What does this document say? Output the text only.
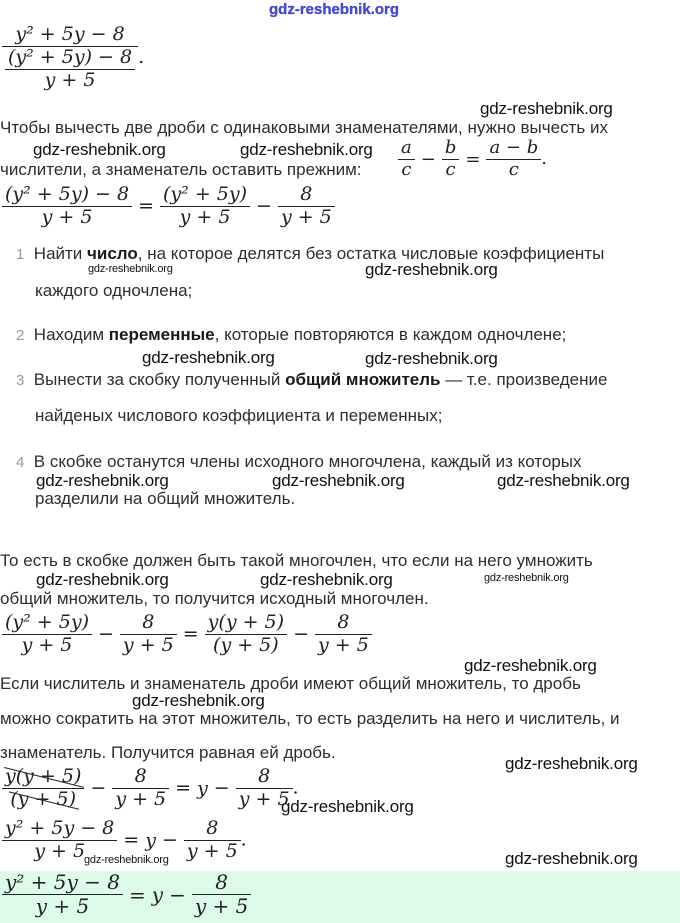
gdz-reshebnik.org
$\frac{\text{y² + 5y − 8}}{\frac{\text{(y² + 5y) − 8}}{y + 5}}$ .
Чтобы вычесть две дроби с одинаковыми знаменателями, нужно вычесть их
числители, а знаменатель оставить прежним: $\frac{a}{c} - \frac{b}{c} = \frac{a - b}{c}$ .
$\frac{\text{(y² + 5y) − 8}}{y + 5} = \frac{\text{(y² + 5y)}}{y + 5} - \frac{8}{y + 5}$
1 Найти число, на которое делятся без остатка числовые коэффициенты
каждого одночлена;
2 Находим переменные, которые повторяются в каждом одночлене;
3 Вынести за скобку полученный общий множитель — т.е. произведение
найденых числового коэффициента и переменных;
4 В скобке останутся члены исходного многочлена, каждый из которых
разделили на общий множитель.
То есть в скобке должен быть такой многочлен, что если на него умножить
общий множитель, то получится исходный многочлен.
$\frac{\text{(y² + 5y)}}{y + 5} - \frac{8}{y + 5} = \frac{y(y + 5)}{(y + 5)} - \frac{8}{y + 5}$
Если числитель и знаменатель дроби имеют общий множитель, то дробь
можно сократить на этот множитель, то есть разделить на него и числитель, и
знаменатель. Получится равная ей дробь.
$\frac{y(y + 5)}{(y + 5)} - \frac{8}{y + 5} = y - \frac{8}{y + 5}$ .
$\frac{\text{y² + 5y − 8}}{y + 5} = y - \frac{8}{y + 5}$ .
$\frac{\text{y² + 5y − 8}}{y + 5} = y - \frac{8}{y + 5}$
gdz-reshebnik.org
gdz-reshebnik.org	gdz-reshebnik.org
gdz-reshebnik.org	gdz-reshebnik.org
gdz-reshebnik.org	gdz-reshebnik.org
gdz-reshebnik.org	gdz-reshebnik.org	gdz-reshebnik.org
gdz-reshebnik.org	gdz-reshebnik.org	gdz-reshebnik.org
gdz-reshebnik.org
gdz-reshebnik.org
gdz-reshebnik.org
gdz-reshebnik.org
gdz-reshebnik.org	gdz-reshebnik.org
